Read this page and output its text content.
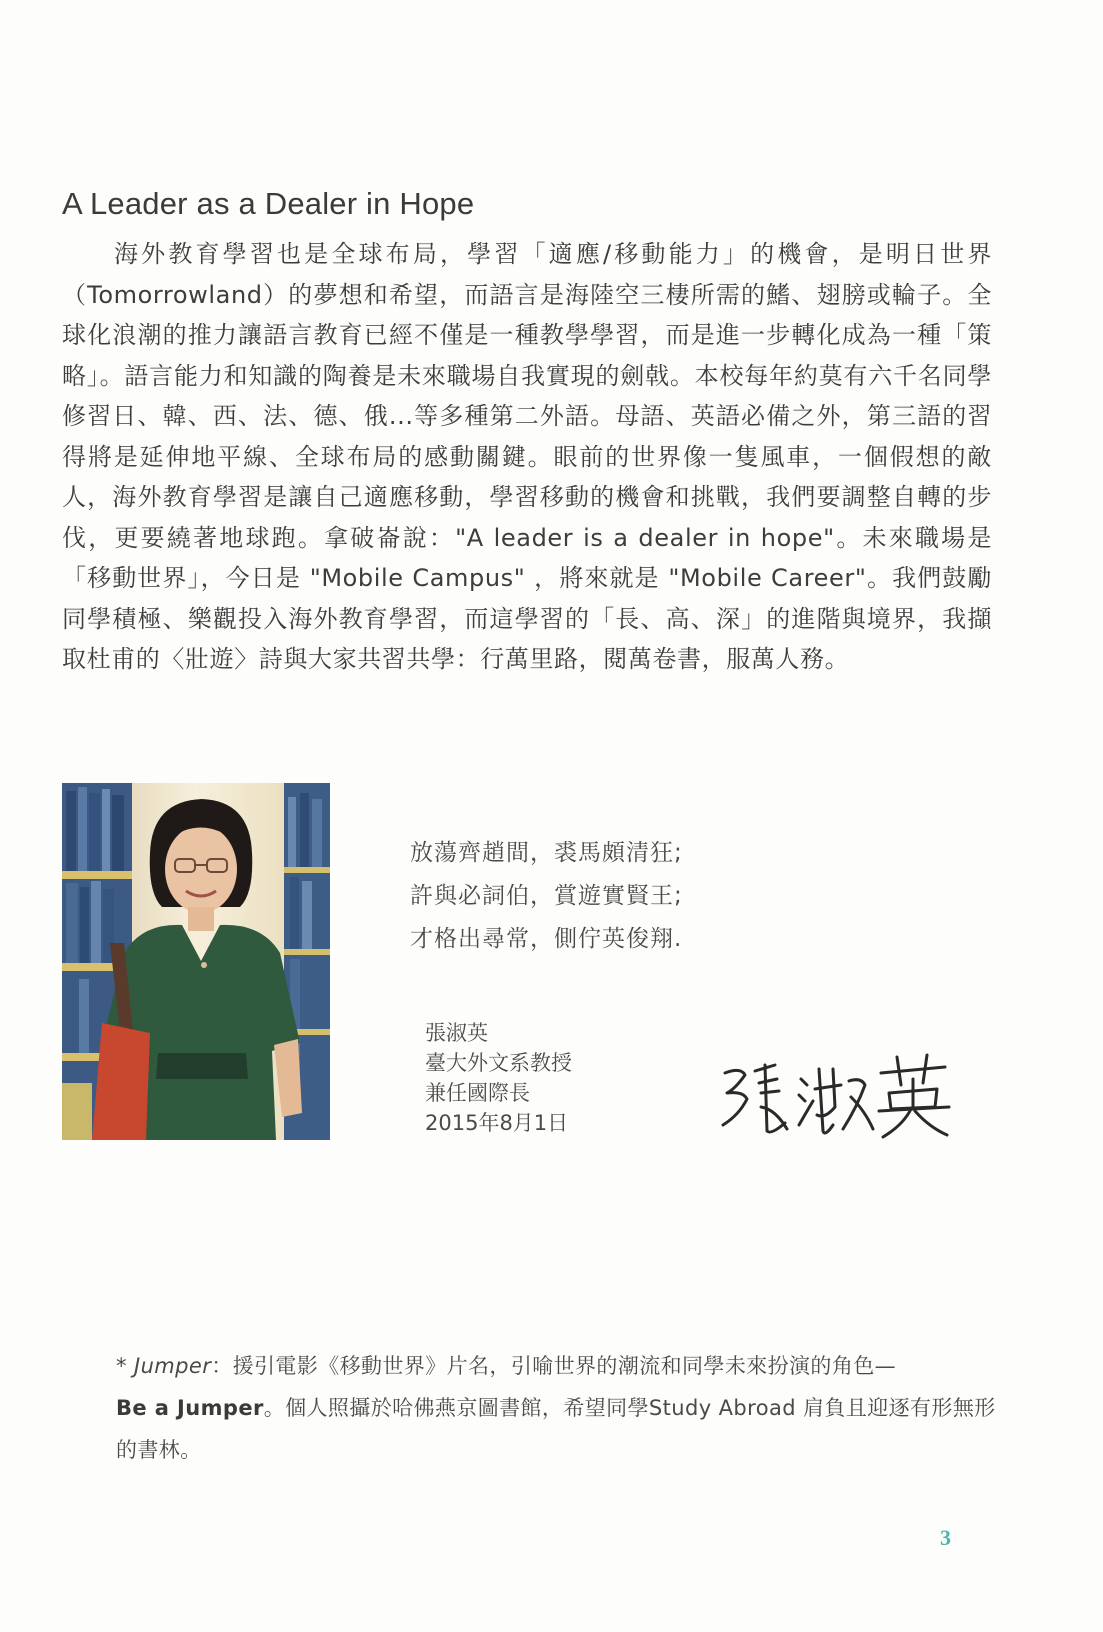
A Leader as a Dealer in Hope

海外教育學習也是全球布局，學習「適應/移動能力」的機會，是明日世界（Tomorrowland）的夢想和希望，而語言是海陸空三棲所需的鰭、翅膀或輪子。全球化浪潮的推力讓語言教育已經不僅是一種教學學習，而是進一步轉化成為一種「策略」。語言能力和知識的陶養是未來職場自我實現的劍戟。本校每年約莫有六千名同學修習日、韓、西、法、德、俄...等多種第二外語。母語、英語必備之外，第三語的習得將是延伸地平線、全球布局的感動關鍵。眼前的世界像一隻風車，一個假想的敵人，海外教育學習是讓自己適應移動，學習移動的機會和挑戰，我們要調整自轉的步伐，更要繞著地球跑。拿破崙說："A leader is a dealer in hope"。未來職場是「移動世界」，今日是 "Mobile Campus" ，將來就是 "Mobile Career"。我們鼓勵同學積極、樂觀投入海外教育學習，而這學習的「長、高、深」的進階與境界，我擷取杜甫的〈壯遊〉詩與大家共習共學：行萬里路，閱萬卷書，服萬人務。

放蕩齊趙間，裘馬頗清狂;
許與必詞伯，賞遊實賢王;
才格出尋常，側佇英俊翔.
張淑英
臺大外文系教授
兼任國際長
2015年8月1日
* Jumper：援引電影《移動世界》片名，引喻世界的潮流和同學未來扮演的角色—
Be a Jumper。個人照攝於哈佛燕京圖書館，希望同學Study Abroad 肩負且迎逐有形無形的書林。
3
